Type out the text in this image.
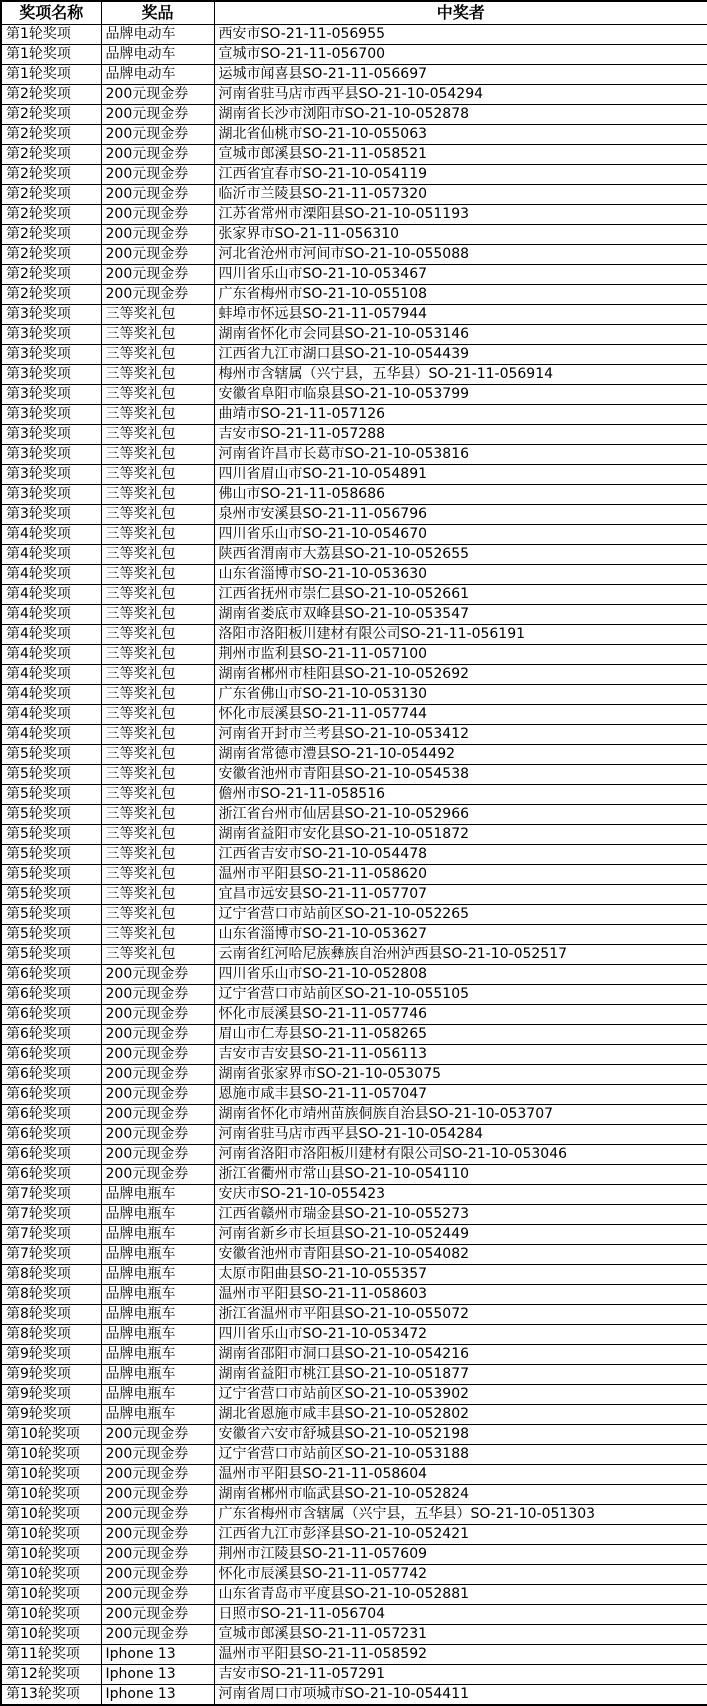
奖项名称	奖品	中奖者
第1轮奖项	品牌电动车	西安市SO-21-11-056955
第1轮奖项	品牌电动车	宣城市SO-21-11-056700
第1轮奖项	品牌电动车	运城市闻喜县SO-21-11-056697
第2轮奖项	200元现金券	河南省驻马店市西平县SO-21-10-054294
第2轮奖项	200元现金券	湖南省长沙市浏阳市SO-21-10-052878
第2轮奖项	200元现金券	湖北省仙桃市SO-21-10-055063
第2轮奖项	200元现金券	宣城市郎溪县SO-21-11-058521
第2轮奖项	200元现金券	江西省宜春市SO-21-10-054119
第2轮奖项	200元现金券	临沂市兰陵县SO-21-11-057320
第2轮奖项	200元现金券	江苏省常州市溧阳县SO-21-10-051193
第2轮奖项	200元现金券	张家界市SO-21-11-056310
第2轮奖项	200元现金券	河北省沧州市河间市SO-21-10-055088
第2轮奖项	200元现金券	四川省乐山市SO-21-10-053467
第2轮奖项	200元现金券	广东省梅州市SO-21-10-055108
第3轮奖项	三等奖礼包	蚌埠市怀远县SO-21-11-057944
第3轮奖项	三等奖礼包	湖南省怀化市会同县SO-21-10-053146
第3轮奖项	三等奖礼包	江西省九江市湖口县SO-21-10-054439
第3轮奖项	三等奖礼包	梅州市含辖属（兴宁县，五华县）SO-21-11-056914
第3轮奖项	三等奖礼包	安徽省阜阳市临泉县SO-21-10-053799
第3轮奖项	三等奖礼包	曲靖市SO-21-11-057126
第3轮奖项	三等奖礼包	吉安市SO-21-11-057288
第3轮奖项	三等奖礼包	河南省许昌市长葛市SO-21-10-053816
第3轮奖项	三等奖礼包	四川省眉山市SO-21-10-054891
第3轮奖项	三等奖礼包	佛山市SO-21-11-058686
第3轮奖项	三等奖礼包	泉州市安溪县SO-21-11-056796
第4轮奖项	三等奖礼包	四川省乐山市SO-21-10-054670
第4轮奖项	三等奖礼包	陕西省渭南市大荔县SO-21-10-052655
第4轮奖项	三等奖礼包	山东省淄博市SO-21-10-053630
第4轮奖项	三等奖礼包	江西省抚州市崇仁县SO-21-10-052661
第4轮奖项	三等奖礼包	湖南省娄底市双峰县SO-21-10-053547
第4轮奖项	三等奖礼包	洛阳市洛阳板川建材有限公司SO-21-11-056191
第4轮奖项	三等奖礼包	荆州市监利县SO-21-11-057100
第4轮奖项	三等奖礼包	湖南省郴州市桂阳县SO-21-10-052692
第4轮奖项	三等奖礼包	广东省佛山市SO-21-10-053130
第4轮奖项	三等奖礼包	怀化市辰溪县SO-21-11-057744
第4轮奖项	三等奖礼包	河南省开封市兰考县SO-21-10-053412
第5轮奖项	三等奖礼包	湖南省常德市澧县SO-21-10-054492
第5轮奖项	三等奖礼包	安徽省池州市青阳县SO-21-10-054538
第5轮奖项	三等奖礼包	儋州市SO-21-11-058516
第5轮奖项	三等奖礼包	浙江省台州市仙居县SO-21-10-052966
第5轮奖项	三等奖礼包	湖南省益阳市安化县SO-21-10-051872
第5轮奖项	三等奖礼包	江西省吉安市SO-21-10-054478
第5轮奖项	三等奖礼包	温州市平阳县SO-21-11-058620
第5轮奖项	三等奖礼包	宜昌市远安县SO-21-11-057707
第5轮奖项	三等奖礼包	辽宁省营口市站前区SO-21-10-052265
第5轮奖项	三等奖礼包	山东省淄博市SO-21-10-053627
第5轮奖项	三等奖礼包	云南省红河哈尼族彝族自治州泸西县SO-21-10-052517
第6轮奖项	200元现金券	四川省乐山市SO-21-10-052808
第6轮奖项	200元现金券	辽宁省营口市站前区SO-21-10-055105
第6轮奖项	200元现金券	怀化市辰溪县SO-21-11-057746
第6轮奖项	200元现金券	眉山市仁寿县SO-21-11-058265
第6轮奖项	200元现金券	吉安市吉安县SO-21-11-056113
第6轮奖项	200元现金券	湖南省张家界市SO-21-10-053075
第6轮奖项	200元现金券	恩施市咸丰县SO-21-11-057047
第6轮奖项	200元现金券	湖南省怀化市靖州苗族侗族自治县SO-21-10-053707
第6轮奖项	200元现金券	河南省驻马店市西平县SO-21-10-054284
第6轮奖项	200元现金券	河南省洛阳市洛阳板川建材有限公司SO-21-10-053046
第6轮奖项	200元现金券	浙江省衢州市常山县SO-21-10-054110
第7轮奖项	品牌电瓶车	安庆市SO-21-10-055423
第7轮奖项	品牌电瓶车	江西省赣州市瑞金县SO-21-10-055273
第7轮奖项	品牌电瓶车	河南省新乡市长垣县SO-21-10-052449
第7轮奖项	品牌电瓶车	安徽省池州市青阳县SO-21-10-054082
第8轮奖项	品牌电瓶车	太原市阳曲县SO-21-10-055357
第8轮奖项	品牌电瓶车	温州市平阳县SO-21-11-058603
第8轮奖项	品牌电瓶车	浙江省温州市平阳县SO-21-10-055072
第8轮奖项	品牌电瓶车	四川省乐山市SO-21-10-053472
第9轮奖项	品牌电瓶车	湖南省邵阳市洞口县SO-21-10-054216
第9轮奖项	品牌电瓶车	湖南省益阳市桃江县SO-21-10-051877
第9轮奖项	品牌电瓶车	辽宁省营口市站前区SO-21-10-053902
第9轮奖项	品牌电瓶车	湖北省恩施市咸丰县SO-21-10-052802
第10轮奖项	200元现金券	安徽省六安市舒城县SO-21-10-052198
第10轮奖项	200元现金券	辽宁省营口市站前区SO-21-10-053188
第10轮奖项	200元现金券	温州市平阳县SO-21-11-058604
第10轮奖项	200元现金券	湖南省郴州市临武县SO-21-10-052824
第10轮奖项	200元现金券	广东省梅州市含辖属（兴宁县，五华县）SO-21-10-051303
第10轮奖项	200元现金券	江西省九江市彭泽县SO-21-10-052421
第10轮奖项	200元现金券	荆州市江陵县SO-21-11-057609
第10轮奖项	200元现金券	怀化市辰溪县SO-21-11-057742
第10轮奖项	200元现金券	山东省青岛市平度县SO-21-10-052881
第10轮奖项	200元现金券	日照市SO-21-11-056704
第10轮奖项	200元现金券	宣城市郎溪县SO-21-11-057231
第11轮奖项	Iphone 13	温州市平阳县SO-21-11-058592
第12轮奖项	Iphone 13	吉安市SO-21-11-057291
第13轮奖项	Iphone 13	河南省周口市项城市SO-21-10-054411
